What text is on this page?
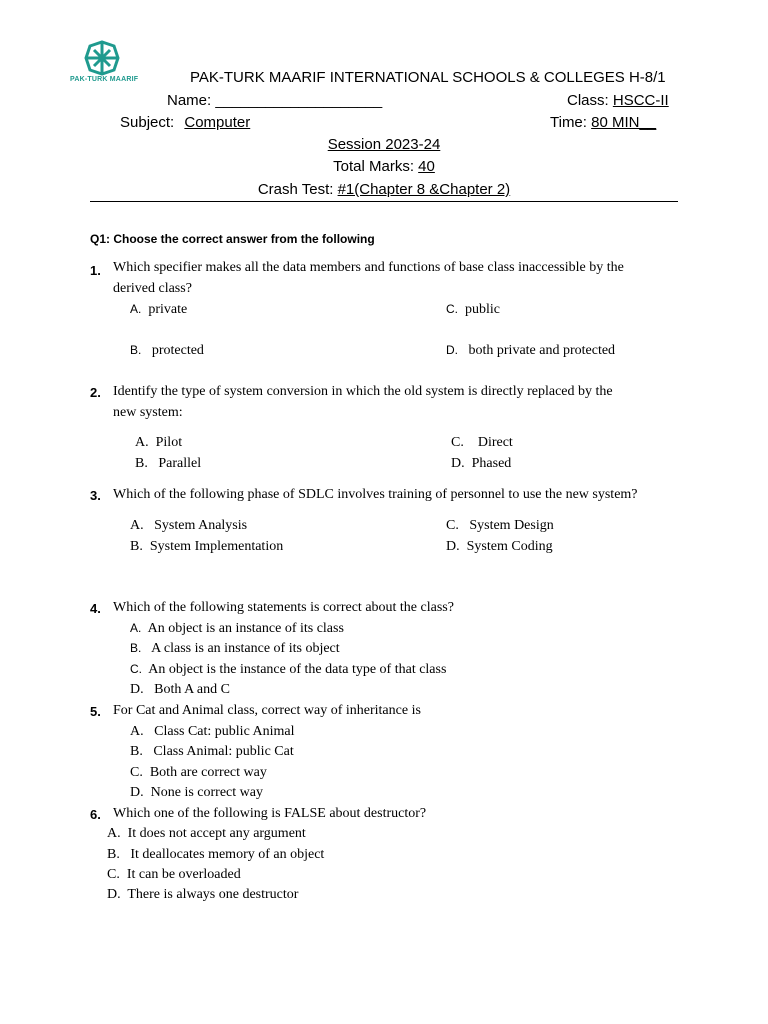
PAK-TURK MAARIF	PAK-TURK MAARIF INTERNATIONAL SCHOOLS & COLLEGES H-8/1
Name: ____________________	Class: HSCC-II
Subject: Computer	Time: 80 MIN__
Session 2023-24
Total Marks: 40
Crash Test: #1(Chapter 8 &Chapter 2)
Q1: Choose the correct answer from the following
1. Which specifier makes all the data members and functions of base class inaccessible by the
derived class?
A. private	C. public
B. protected	D. both private and protected
2. Identify the type of system conversion in which the old system is directly replaced by the
new system:
A. Pilot	C. Direct
B. Parallel	D. Phased
3. Which of the following phase of SDLC involves training of personnel to use the new system?
A. System Analysis	C. System Design
B. System Implementation	D. System Coding
4. Which of the following statements is correct about the class?
A. An object is an instance of its class
B. A class is an instance of its object
C. An object is the instance of the data type of that class
D. Both A and C
5. For Cat and Animal class, correct way of inheritance is
A. Class Cat: public Animal
B. Class Animal: public Cat
C. Both are correct way
D. None is correct way
6. Which one of the following is FALSE about destructor?
A. It does not accept any argument
B. It deallocates memory of an object
C. It can be overloaded
D. There is always one destructor
